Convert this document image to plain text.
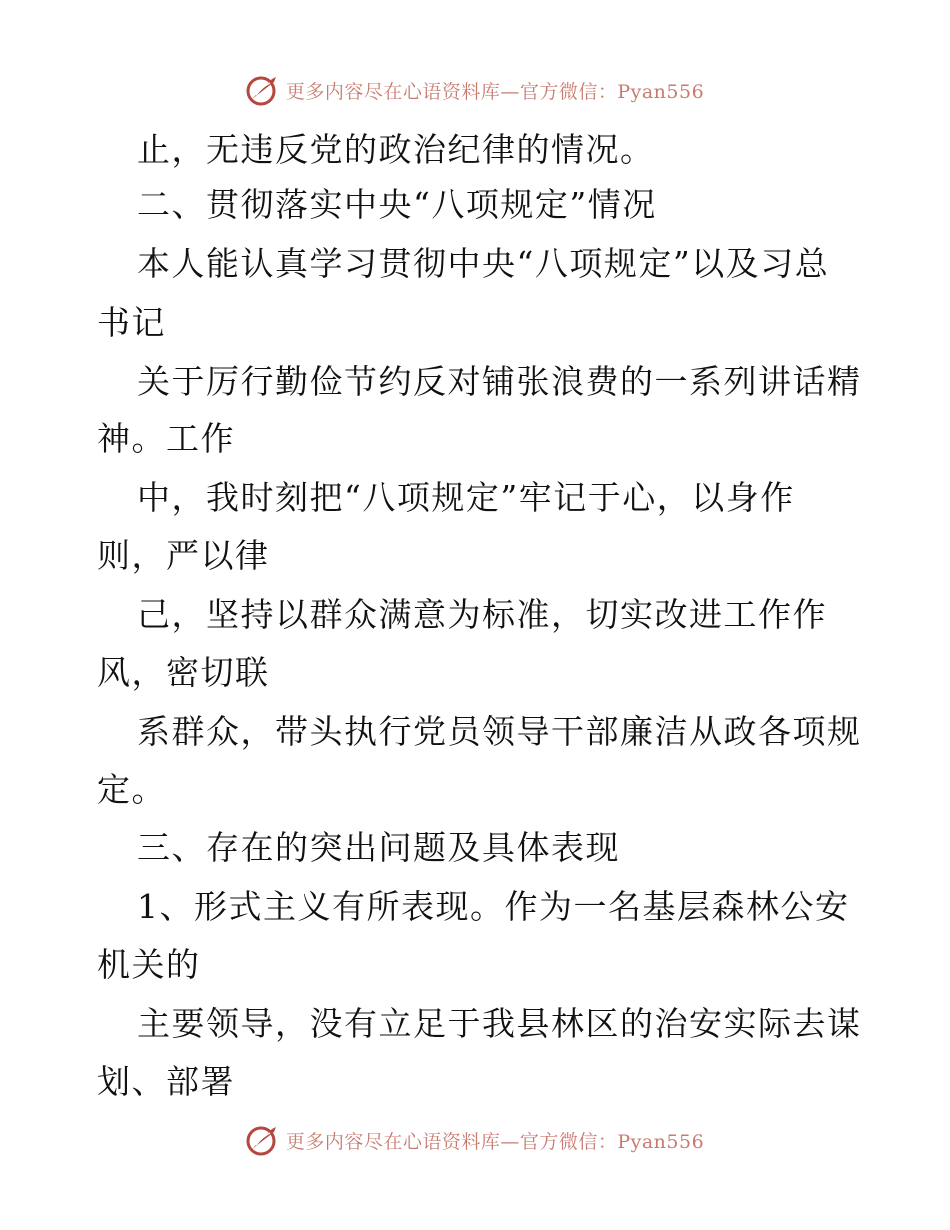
更多内容尽在心语资料库—官方微信：Pyan556
止，无违反党的政治纪律的情况。
二、贯彻落实中央“八项规定”情况
本人能认真学习贯彻中央“八项规定”以及习总
书记
关于厉行勤俭节约反对铺张浪费的一系列讲话精
神。工作
中，我时刻把“八项规定”牢记于心，以身作
则，严以律
己，坚持以群众满意为标准，切实改进工作作
风，密切联
系群众，带头执行党员领导干部廉洁从政各项规
定。
三、存在的突出问题及具体表现
1、形式主义有所表现。作为一名基层森林公安
机关的
主要领导，没有立足于我县林区的治安实际去谋
划、部署
更多内容尽在心语资料库—官方微信：Pyan556
